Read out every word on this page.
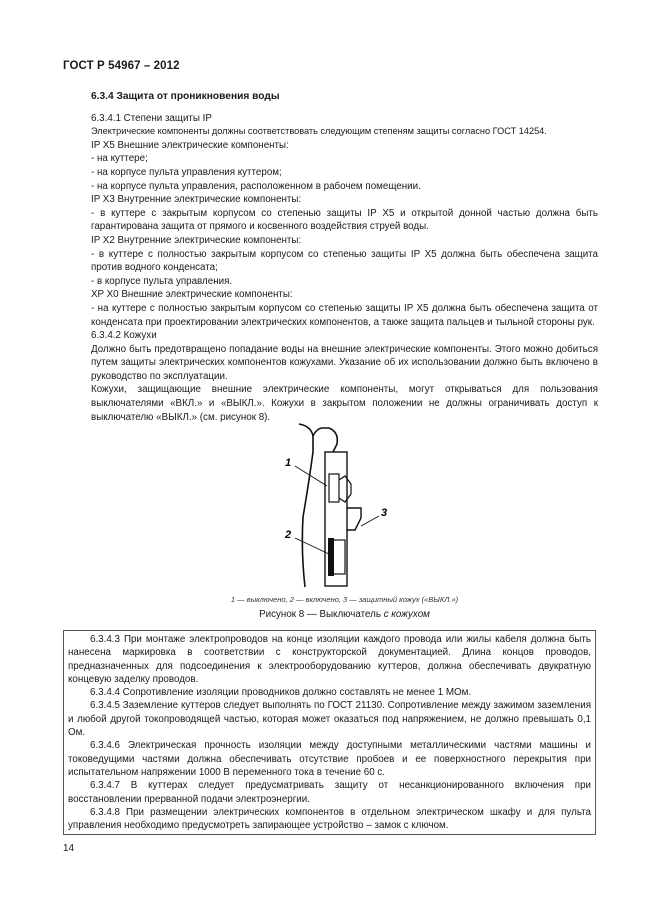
ГОСТ Р 54967 – 2012
6.3.4 Защита от проникновения воды

6.3.4.1 Степени защиты IP

Электрические компоненты должны соответствовать следующим степеням защиты согласно ГОСТ 14254.

IP X5 Внешние электрические компоненты:

- на куттере;

- на корпусе пульта управления куттером;

- на корпусе пульта управления, расположенном в рабочем помещении.

IP X3 Внутренние электрические компоненты:

- в куттере с закрытым корпусом со степенью защиты IP X5 и открытой донной частью должна быть гарантирована защита от прямого и косвенного воздействия струей воды.

IP X2 Внутренние электрические компоненты:

- в куттере с полностью закрытым корпусом со степенью защиты IP X5 должна быть обеспечена защита против водного конденсата;

- в корпусе пульта управления.

XP X0 Внешние электрические компоненты:

- на куттере с полностью закрытым корпусом со степенью защиты IP X5 должна быть обеспечена защита от конденсата при проектировании электрических компонентов, а также защита пальцев и тыльной стороны рук.

6.3.4.2 Кожухи

Должно быть предотвращено попадание воды на внешние электрические компоненты. Этого можно добиться путем защиты электрических компонентов кожухами. Указание об их использовании должно быть включено в руководство по эксплуатации.

Кожухи, защищающие внешние электрические компоненты, могут открываться для пользования выключателями «ВКЛ.» и «ВЫКЛ.». Кожухи в закрытом положении не должны ограничивать доступ к выключателю «ВЫКЛ.» (см. рисунок 8).

1
2
3
1 — выключено, 2 — включено, 3 — защитный кожух («ВЫКЛ.»)
Рисунок 8 — Выключатель с кожухом

6.3.4.3 При монтаже электропроводов на конце изоляции каждого провода или жилы кабеля должна быть нанесена маркировка в соответствии с конструкторской документацией. Длина концов проводов, предназначенных для подсоединения к электрооборудованию куттеров, должна обеспечивать двукратную концевую заделку проводов.

6.3.4.4 Сопротивление изоляции проводников должно составлять не менее 1 МОм.

6.3.4.5 Заземление куттеров следует выполнять по ГОСТ 21130. Сопротивление между зажимом заземления и любой другой токопроводящей частью, которая может оказаться под напряжением, не должно превышать 0,1 Ом.

6.3.4.6 Электрическая прочность изоляции между доступными металлическими частями машины и токоведущими частями должна обеспечивать отсутствие пробоев и ее поверхностного перекрытия при испытательном напряжении 1000 В переменного тока в течение 60 с.

6.3.4.7 В куттерах следует предусматривать защиту от несанкционированного включения при восстановлении прерванной подачи электроэнергии.

6.3.4.8 При размещении электрических компонентов в отдельном электрическом шкафу и для пульта управления необходимо предусмотреть запирающее устройство – замок с ключом.

14
